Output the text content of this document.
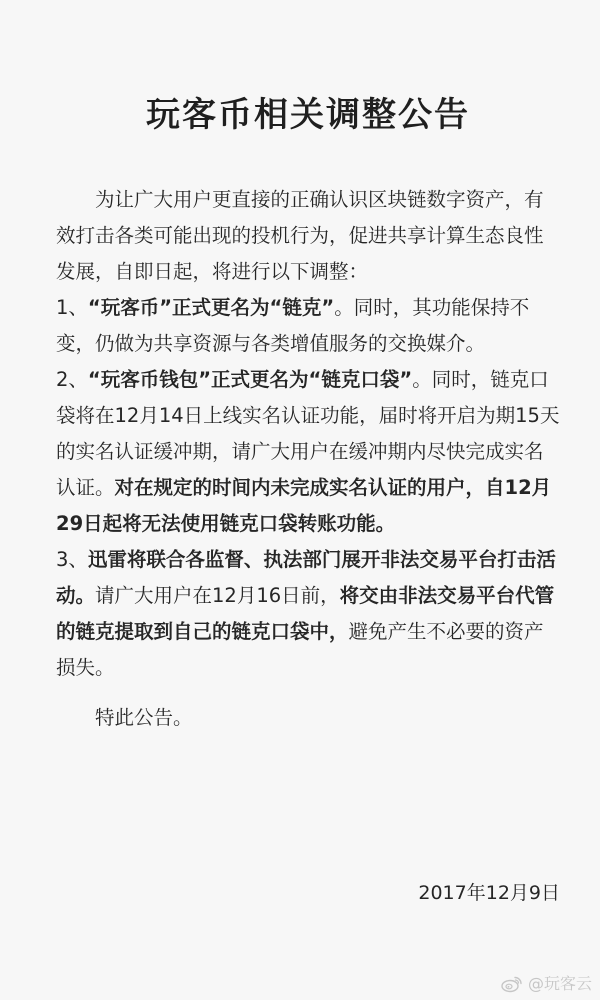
玩客币相关调整公告

为让广大用户更直接的正确认识区块链数字资产，有效打击各类可能出现的投机行为，促进共享计算生态良性发展，自即日起，将进行以下调整：

1、“玩客币”正式更名为“链克”。同时，其功能保持不变，仍做为共享资源与各类增值服务的交换媒介。

2、“玩客币钱包”正式更名为“链克口袋”。同时，链克口袋将在12月14日上线实名认证功能，届时将开启为期15天的实名认证缓冲期，请广大用户在缓冲期内尽快完成实名认证。对在规定的时间内未完成实名认证的用户，自12月29日起将无法使用链克口袋转账功能。

3、迅雷将联合各监督、执法部门展开非法交易平台打击活动。请广大用户在12月16日前，将交由非法交易平台代管的链克提取到自己的链克口袋中，避免产生不必要的资产损失。

特此公告。

2017年12月9日
@玩客云
